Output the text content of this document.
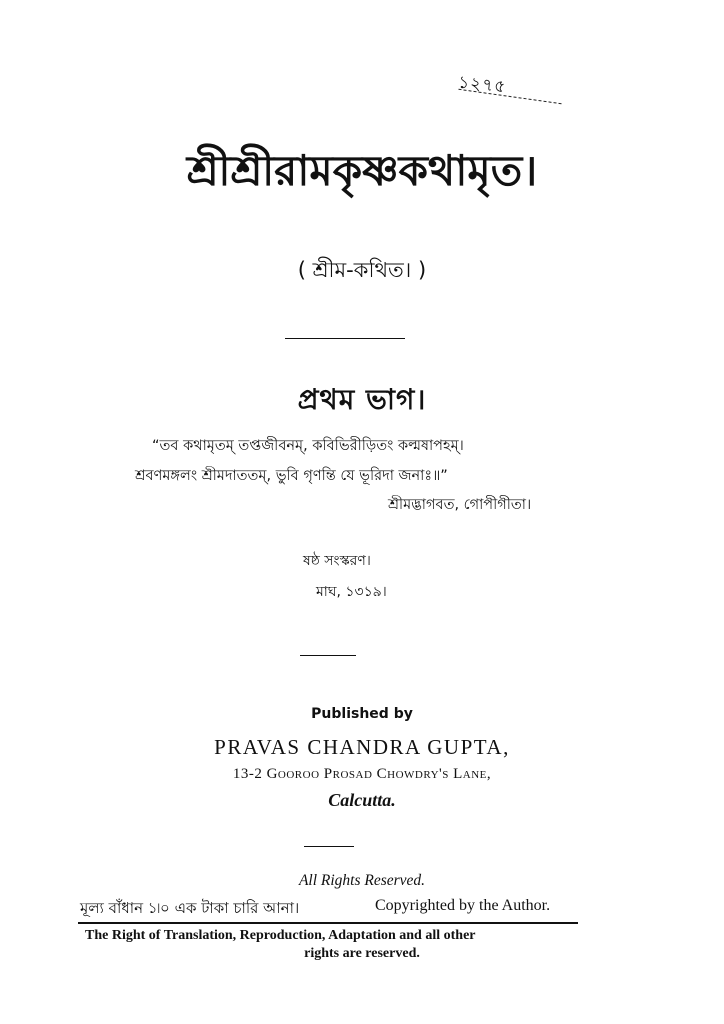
১২৭৫
শ্রীশ্রীরামকৃষ্ণকথামৃত।
( শ্রীম-কথিত। )
প্রথম ভাগ।
“তব কথামৃতম্ তপ্তজীবনম্, কবিভিরীড়িতং কল্মষাপহম্।
শ্রবণমঙ্গলং শ্রীমদাততম্, ভুবি গৃণন্তি যে ভূরিদা জনাঃ॥”
শ্রীমদ্ভাগবত, গোপীগীতা।
ষষ্ঠ সংস্করণ।
মাঘ, ১৩১৯।
Published by
PRAVAS CHANDRA GUPTA,
13-2 Gooroo Prosad Chowdry's Lane,
Calcutta.
All Rights Reserved.
মূল্য বাঁধান ১৷০ এক টাকা চারি আনা।	Copyrighted by the Author.
The Right of Translation, Reproduction, Adaptation and all other
rights are reserved.
